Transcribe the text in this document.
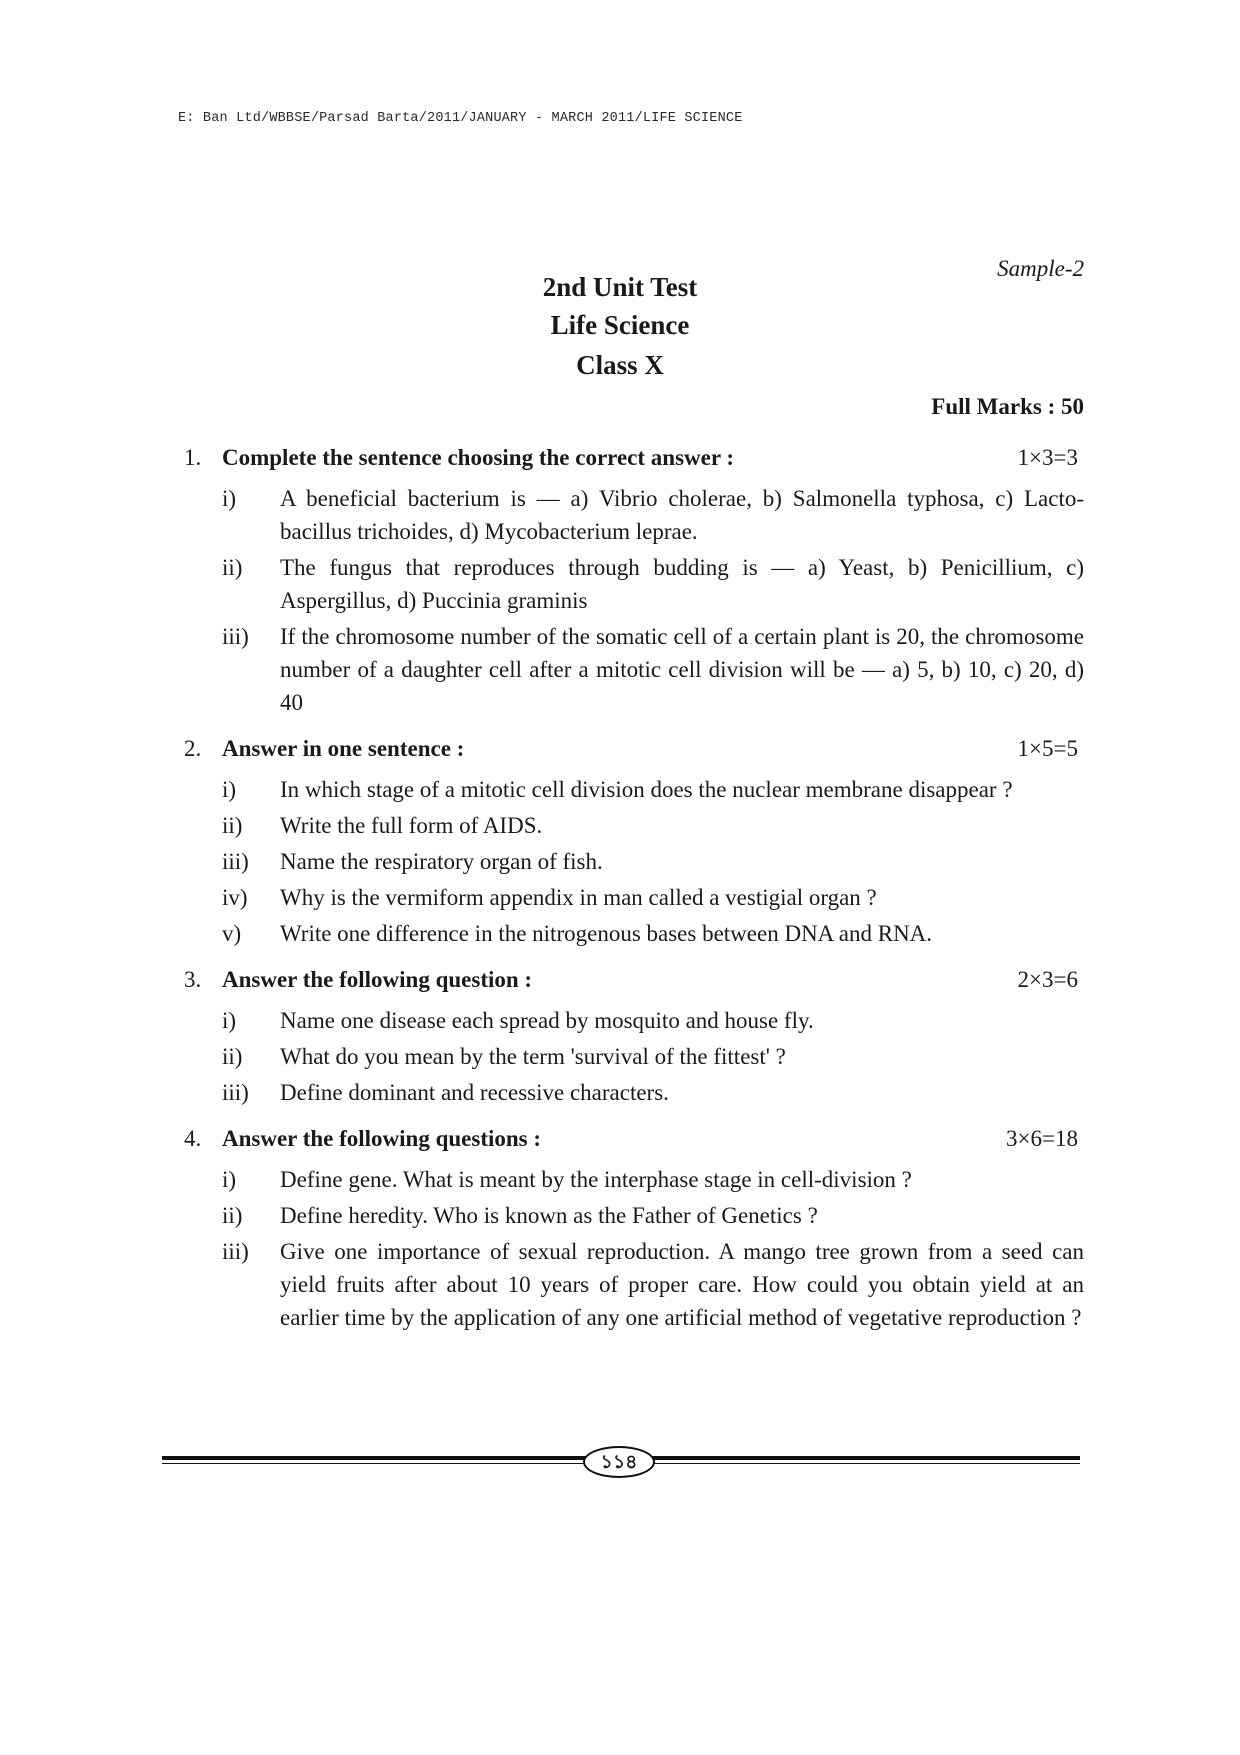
E: Ban Ltd/WBBSE/Parsad Barta/2011/JANUARY - MARCH 2011/LIFE SCIENCE
Sample-2
2nd Unit Test
Life Science
Class X
Full Marks : 50
1. Complete the sentence choosing the correct answer :	1×3=3
i)	A beneficial bacterium is — a) Vibrio cholerae, b) Salmonella typhosa, c) Lacto-bacillus trichoides, d) Mycobacterium leprae.
ii)	The fungus that reproduces through budding is — a) Yeast, b) Penicillium, c) Aspergillus, d) Puccinia graminis
iii)	If the chromosome number of the somatic cell of a certain plant is 20, the chromosome number of a daughter cell after a mitotic cell division will be — a) 5, b) 10, c) 20, d) 40
2. Answer in one sentence :	1×5=5
i)	In which stage of a mitotic cell division does the nuclear membrane disappear ?
ii)	Write the full form of AIDS.
iii)	Name the respiratory organ of fish.
iv)	Why is the vermiform appendix in man called a vestigial organ ?
v)	Write one difference in the nitrogenous bases between DNA and RNA.
3. Answer the following question :	2×3=6
i)	Name one disease each spread by mosquito and house fly.
ii)	What do you mean by the term 'survival of the fittest' ?
iii)	Define dominant and recessive characters.
4. Answer the following questions :	3×6=18
i)	Define gene. What is meant by the interphase stage in cell-division ?
ii)	Define heredity. Who is known as the Father of Genetics ?
iii)	Give one importance of sexual reproduction. A mango tree grown from a seed can yield fruits after about 10 years of proper care. How could you obtain yield at an earlier time by the application of any one artificial method of vegetative reproduction ?
১১৪
